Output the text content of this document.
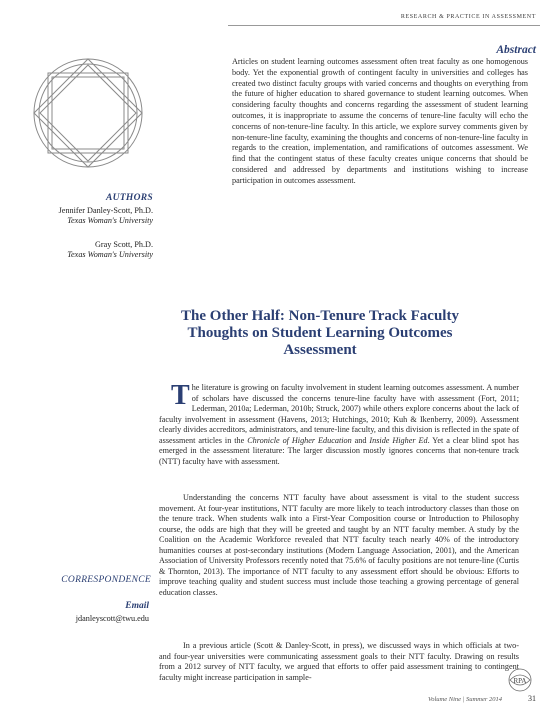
RESEARCH & PRACTICE IN ASSESSMENT
Abstract
Articles on student learning outcomes assessment often treat faculty as one homogenous body. Yet the exponential growth of contingent faculty in universities and colleges has created two distinct faculty groups with varied concerns and thoughts on everything from the future of higher education to shared governance to student learning outcomes. When considering faculty thoughts and concerns regarding the assessment of student learning outcomes, it is inappropriate to assume the concerns of tenure-line faculty will echo the concerns of non-tenure-line faculty. In this article, we explore survey comments given by non-tenure-line faculty, examining the thoughts and concerns of non-tenure-line faculty in regards to the creation, implementation, and ramifications of outcomes assessment. We find that the contingent status of these faculty creates unique concerns that should be considered and addressed by departments and institutions wishing to increase participation in outcomes assessment.
AUTHORS
Jennifer Danley-Scott, Ph.D.
Texas Woman's University
Gray Scott, Ph.D.
Texas Woman's University
The Other Half: Non-Tenure Track Faculty Thoughts on Student Learning Outcomes Assessment

The literature is growing on faculty involvement in student learning outcomes assessment. A number of scholars have discussed the concerns tenure-line faculty have with assessment (Fort, 2011; Lederman, 2010a; Lederman, 2010b; Struck, 2007) while others explore concerns about the lack of faculty involvement in assessment (Havens, 2013; Hutchings, 2010; Kuh & Ikenberry, 2009). Assessment clearly divides accreditors, administrators, and tenure-line faculty, and this division is reflected in the spate of assessment articles in the Chronicle of Higher Education and Inside Higher Ed. Yet a clear blind spot has emerged in the assessment literature: The larger discussion mostly ignores concerns that non-tenure track (NTT) faculty have with assessment.

Understanding the concerns NTT faculty have about assessment is vital to the student success movement. At four-year institutions, NTT faculty are more likely to teach introductory classes than those on the tenure track. When students walk into a First-Year Composition course or Introduction to Philosophy course, the odds are high that they will be greeted and taught by an NTT faculty member. A study by the Coalition on the Academic Workforce revealed that NTT faculty teach nearly 40% of the introductory humanities courses at post-secondary institutions (Modern Language Association, 2001), and the American Association of University Professors recently noted that 75.6% of faculty positions are not tenure-line (Curtis & Thornton, 2013). The importance of NTT faculty to any assessment effort should be obvious: Efforts to improve teaching quality and student success must include those teaching a growing percentage of general education classes.
In a previous article (Scott & Danley-Scott, in press), we discussed ways in which officials at two- and four-year universities were communicating assessment goals to their NTT faculty. Drawing on results from a 2012 survey of NTT faculty, we argued that efforts to offer paid assessment training to contingent faculty might increase participation in sample-
CORRESPONDENCE
Email
jdanleyscott@twu.edu
RPA
Volume Nine | Summer 2014	31
